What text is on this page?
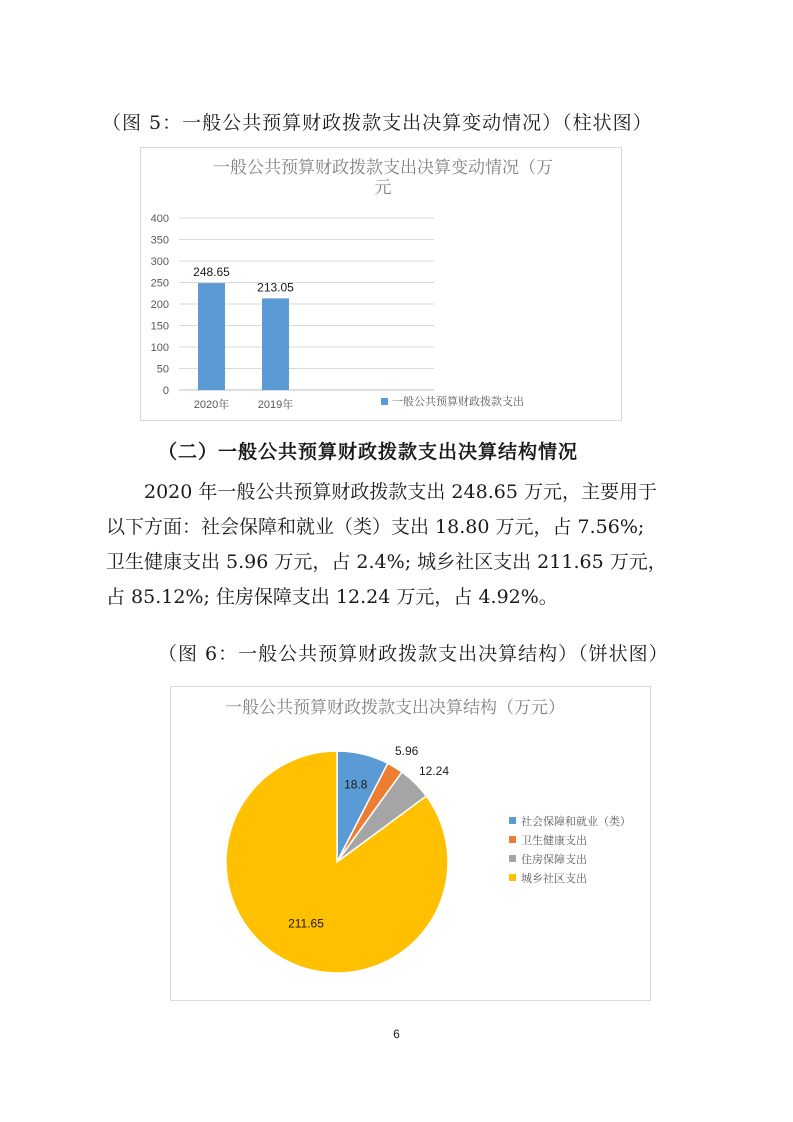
（图 5：一般公共预算财政拨款支出决算变动情况）（柱状图）
一般公共预算财政拨款支出决算变动情况（万
元
0
50
100
150
200
250
300
350
400
248.65
213.05
2020年	2019年	一般公共预算财政拨款支出
（二）一般公共预算财政拨款支出决算结构情况
2020 年一般公共预算财政拨款支出 248.65 万元，主要用于
以下方面：社会保障和就业（类）支出 18.80 万元，占 7.56%;
卫生健康支出 5.96 万元，占 2.4%; 城乡社区支出 211.65 万元，
占 85.12%; 住房保障支出 12.24 万元，占 4.92%。
（图 6：一般公共预算财政拨款支出决算结构）（饼状图）
一般公共预算财政拨款支出决算结构（万元）
18.8
5.96
12.24
211.65
社会保障和就业（类）
卫生健康支出
住房保障支出
城乡社区支出
6
